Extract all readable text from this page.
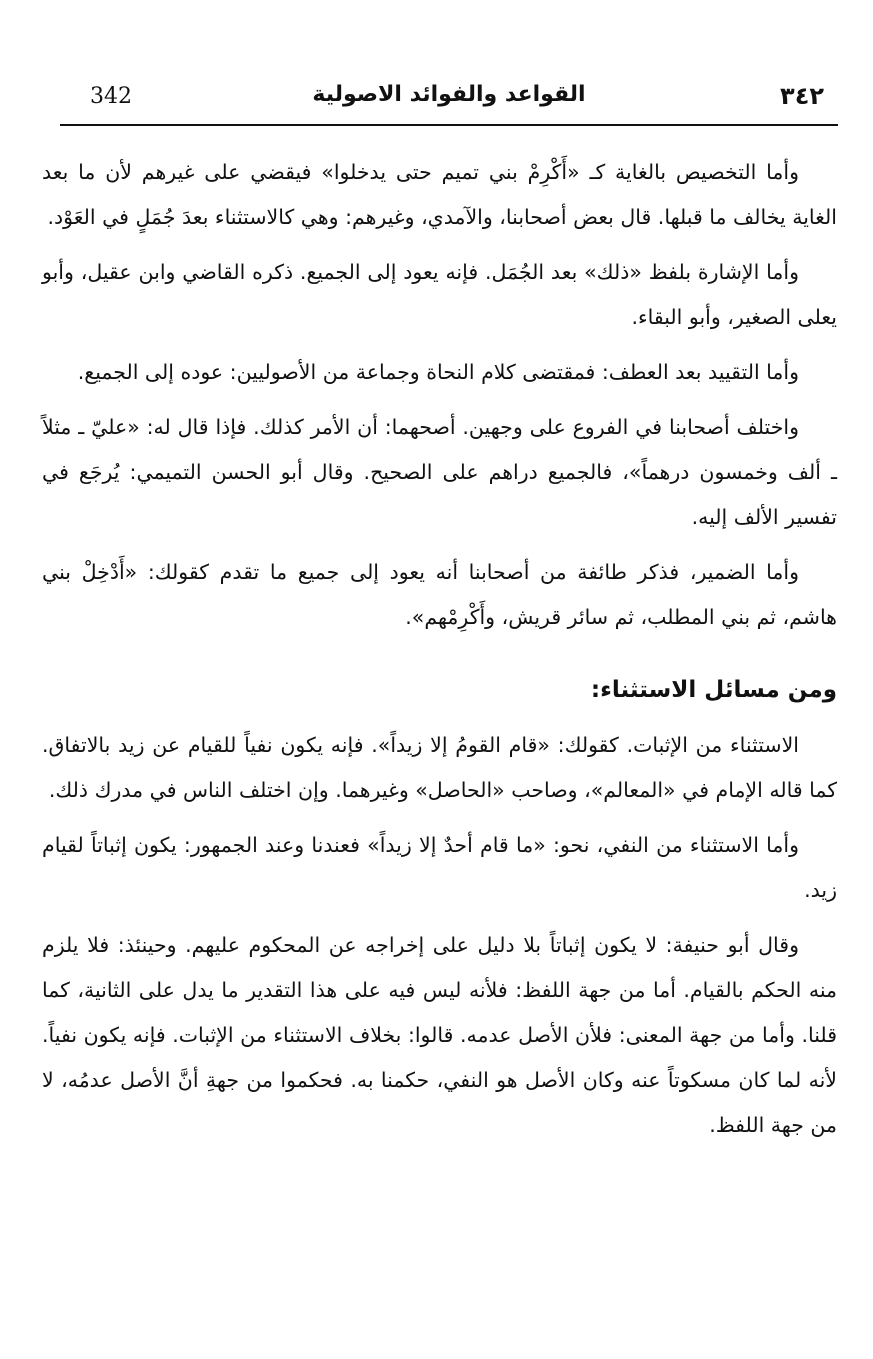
342	القواعد والفوائد الاصولية	٣٤٢

وأما التخصيص بالغاية كـ «أَكْرِمْ بني تميم حتى يدخلوا» فيقضي على غيرهم لأن ما بعد الغاية يخالف ما قبلها. قال بعض أصحابنا، والآمدي، وغيرهم: وهي كالاستثناء بعدَ جُمَلٍ في العَوْد.

وأما الإشارة بلفظ «ذلك» بعد الجُمَل. فإنه يعود إلى الجميع. ذكره القاضي وابن عقيل، وأبو يعلى الصغير، وأبو البقاء.

وأما التقييد بعد العطف: فمقتضى كلام النحاة وجماعة من الأصوليين: عوده إلى الجميع.

واختلف أصحابنا في الفروع على وجهين. أصحهما: أن الأمر كذلك. فإذا قال له: «عليّ ـ مثلاً ـ ألف وخمسون درهماً»، فالجميع دراهم على الصحيح. وقال أبو الحسن التميمي: يُرجَع في تفسير الألف إليه.

وأما الضمير، فذكر طائفة من أصحابنا أنه يعود إلى جميع ما تقدم كقولك: «أَدْخِلْ بني هاشم، ثم بني المطلب، ثم سائر قريش، وأَكْرِمْهم».

ومن مسائل الاستثناء:

الاستثناء من الإثبات. كقولك: «قام القومُ إلا زيداً». فإنه يكون نفياً للقيام عن زيد بالاتفاق. كما قاله الإمام في «المعالم»، وصاحب «الحاصل» وغيرهما. وإن اختلف الناس في مدرك ذلك.

وأما الاستثناء من النفي، نحو: «ما قام أحدٌ إلا زيداً» فعندنا وعند الجمهور: يكون إثباتاً لقيام زيد.

وقال أبو حنيفة: لا يكون إثباتاً بلا دليل على إخراجه عن المحكوم عليهم. وحينئذ: فلا يلزم منه الحكم بالقيام. أما من جهة اللفظ: فلأنه ليس فيه على هذا التقدير ما يدل على الثانية، كما قلنا. وأما من جهة المعنى: فلأن الأصل عدمه. قالوا: بخلاف الاستثناء من الإثبات. فإنه يكون نفياً. لأنه لما كان مسكوتاً عنه وكان الأصل هو النفي، حكمنا به. فحكموا من جهةِ أنَّ الأصل عدمُه، لا من جهة اللفظ.
